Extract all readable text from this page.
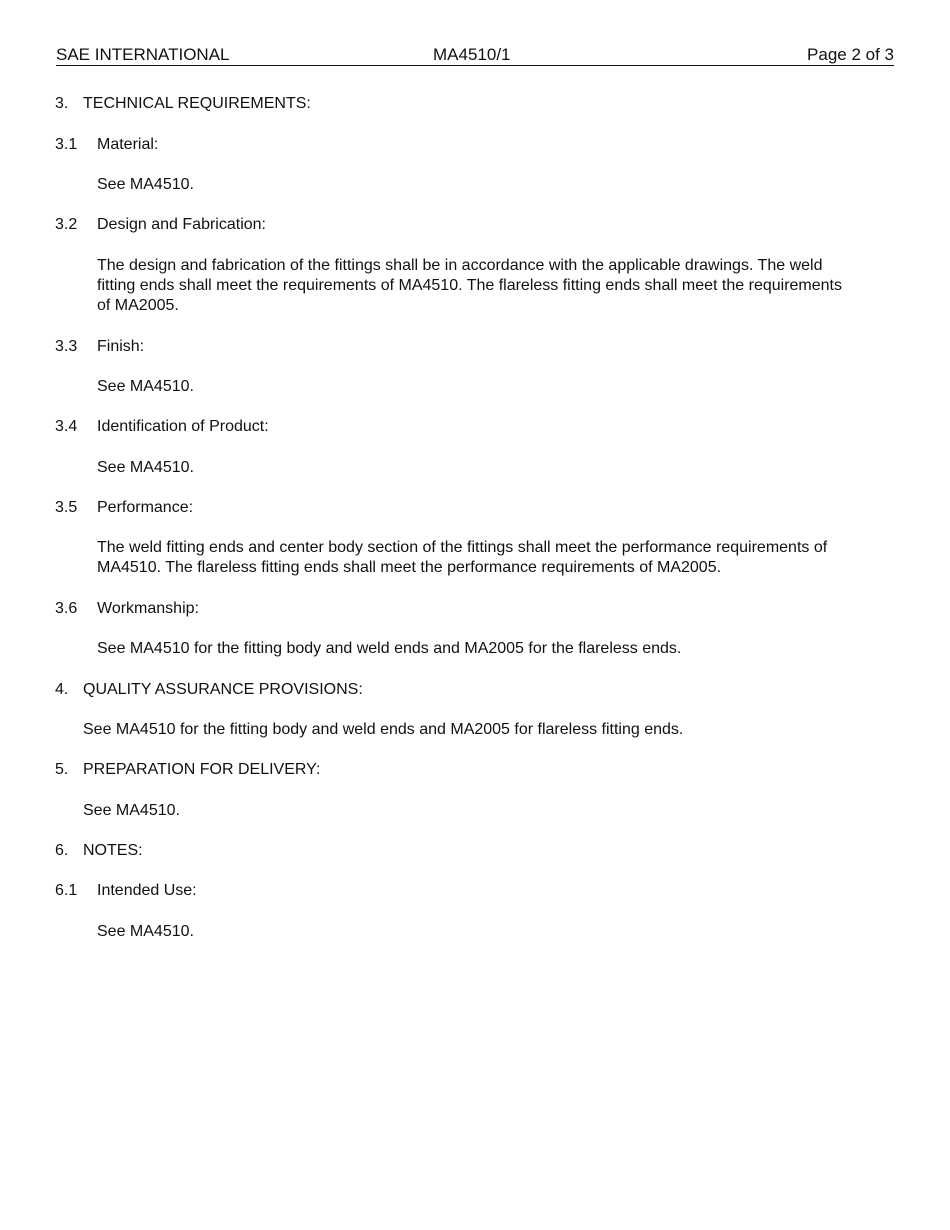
SAE INTERNATIONAL	MA4510/1	Page 2 of 3
3. TECHNICAL REQUIREMENTS:
3.1 Material:
See MA4510.
3.2 Design and Fabrication:
The design and fabrication of the fittings shall be in accordance with the applicable drawings. The weld fitting ends shall meet the requirements of MA4510. The flareless fitting ends shall meet the requirements of MA2005.
3.3 Finish:
See MA4510.
3.4 Identification of Product:
See MA4510.
3.5 Performance:
The weld fitting ends and center body section of the fittings shall meet the performance requirements of MA4510. The flareless fitting ends shall meet the performance requirements of MA2005.
3.6 Workmanship:
See MA4510 for the fitting body and weld ends and MA2005 for the flareless ends.
4. QUALITY ASSURANCE PROVISIONS:
See MA4510 for the fitting body and weld ends and MA2005 for flareless fitting ends.
5. PREPARATION FOR DELIVERY:
See MA4510.
6. NOTES:
6.1 Intended Use:
See MA4510.
